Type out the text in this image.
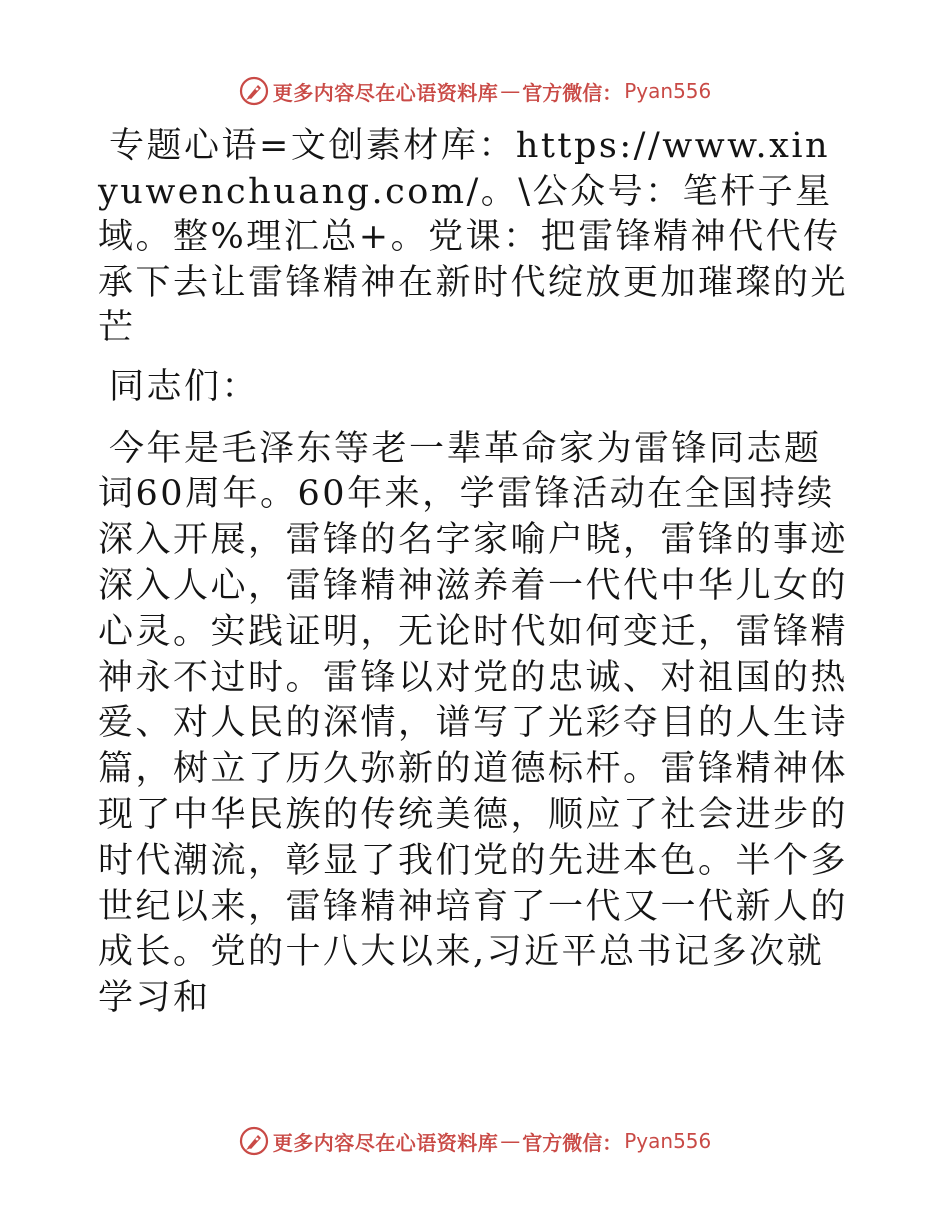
更多内容尽在心语资料库 — 官方微信： Pyan556

专题心语=文创素材库：https://www.xinyuwenchuang.com/。\公众号：笔杆子星域。整%理汇总+。党课：把雷锋精神代代传承下去让雷锋精神在新时代绽放更加璀璨的光芒

同志们：

今年是毛泽东等老一辈革命家为雷锋同志题词60周年。60年来，学雷锋活动在全国持续深入开展，雷锋的名字家喻户晓，雷锋的事迹深入人心，雷锋精神滋养着一代代中华儿女的心灵。实践证明，无论时代如何变迁，雷锋精神永不过时。雷锋以对党的忠诚、对祖国的热爱、对人民的深情，谱写了光彩夺目的人生诗篇，树立了历久弥新的道德标杆。雷锋精神体现了中华民族的传统美德，顺应了社会进步的时代潮流，彰显了我们党的先进本色。半个多世纪以来，雷锋精神培育了一代又一代新人的成长。党的十八大以来,习近平总书记多次就学习和

更多内容尽在心语资料库 — 官方微信： Pyan556
